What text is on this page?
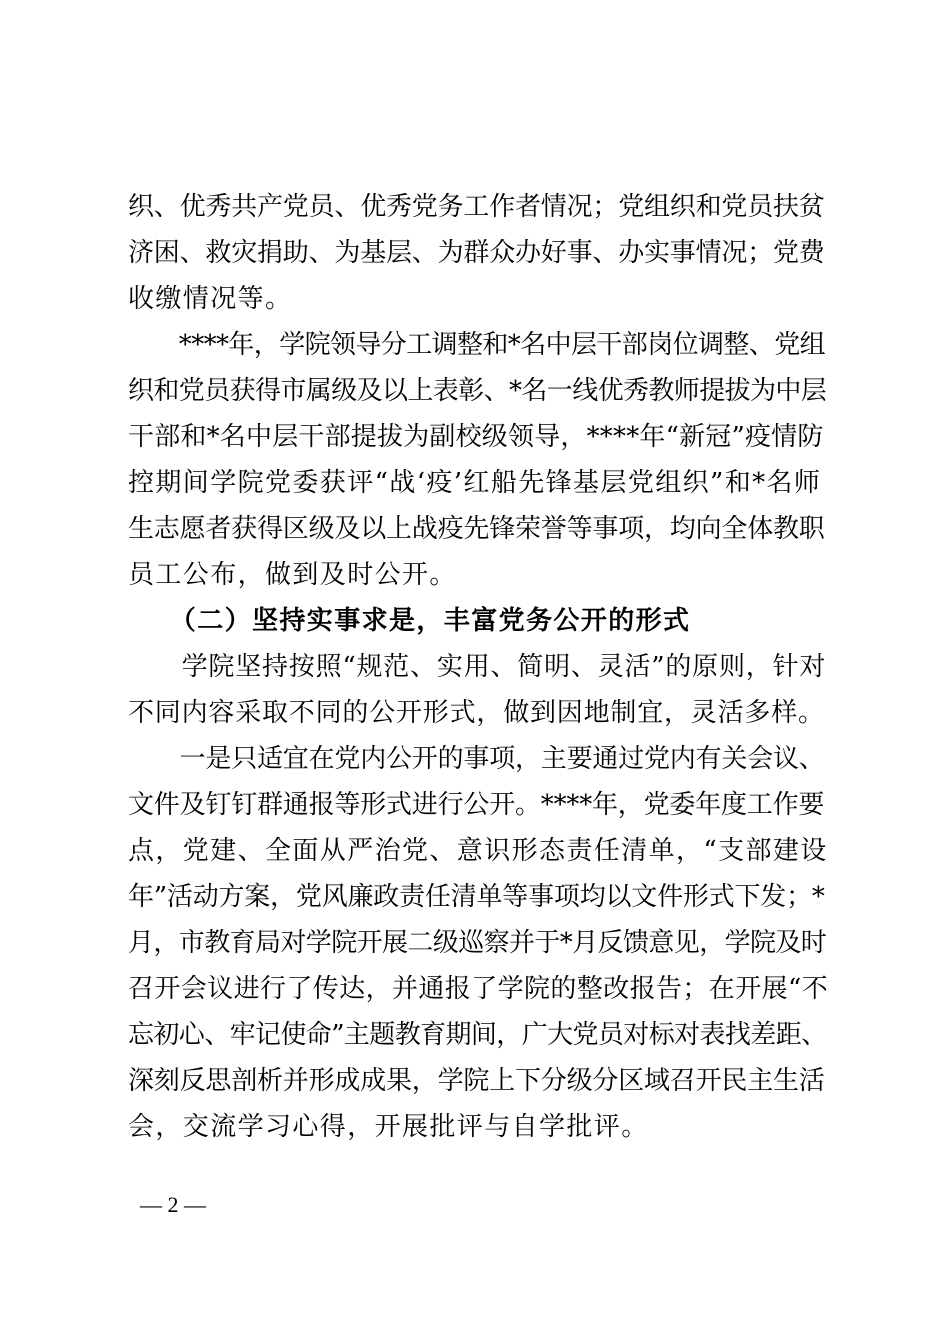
织、优秀共产党员、优秀党务工作者情况；党组织和党员扶贫
济困、救灾捐助、为基层、为群众办好事、办实事情况；党费
收缴情况等。
　　****年，学院领导分工调整和*名中层干部岗位调整、党组
织和党员获得市属级及以上表彰、*名一线优秀教师提拔为中层
干部和*名中层干部提拔为副校级领导，****年“新冠”疫情防
控期间学院党委获评“战‘疫’红船先锋基层党组织”和*名师
生志愿者获得区级及以上战疫先锋荣誉等事项，均向全体教职
员工公布，做到及时公开。
　　（二）坚持实事求是，丰富党务公开的形式
　　学院坚持按照“规范、实用、简明、灵活”的原则，针对
不同内容采取不同的公开形式，做到因地制宜，灵活多样。
　　一是只适宜在党内公开的事项，主要通过党内有关会议、
文件及钉钉群通报等形式进行公开。****年，党委年度工作要
点，党建、全面从严治党、意识形态责任清单，“支部建设
年”活动方案，党风廉政责任清单等事项均以文件形式下发；*
月，市教育局对学院开展二级巡察并于*月反馈意见，学院及时
召开会议进行了传达，并通报了学院的整改报告；在开展“不
忘初心、牢记使命”主题教育期间，广大党员对标对表找差距、
深刻反思剖析并形成成果，学院上下分级分区域召开民主生活
会，交流学习心得，开展批评与自学批评。
— 2 —
